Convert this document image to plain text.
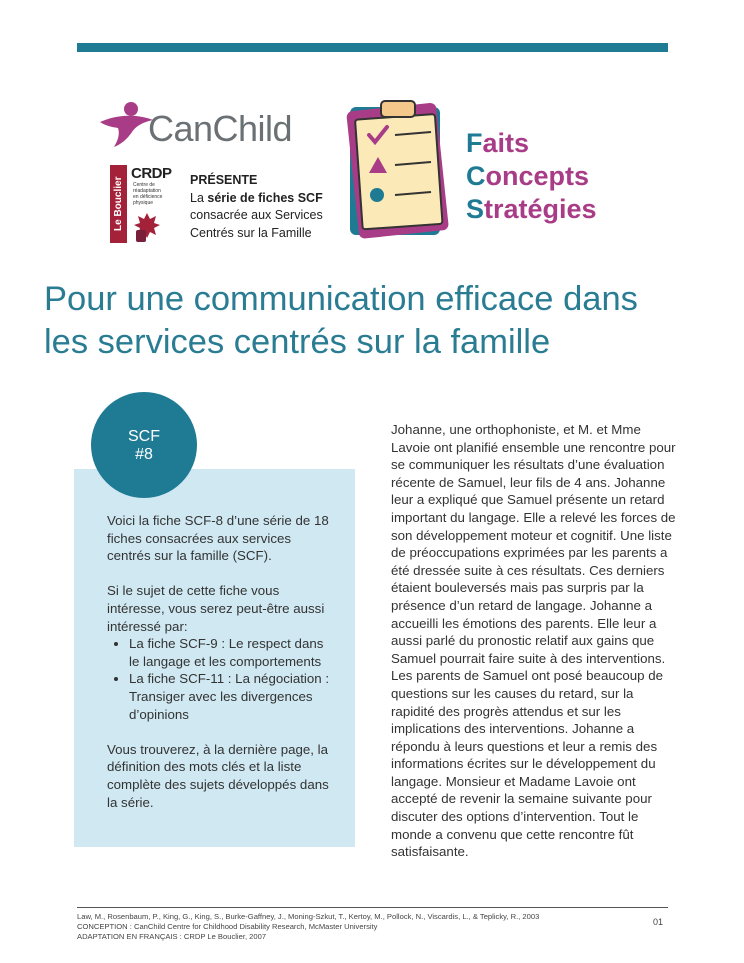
CanChild
Le Bouclier
CRDP
Centre de réadaptation en déficience physique
PRÉSENTE
La série de fiches SCF
consacrée aux Services
Centrés sur la Famille
Faits
Concepts
Stratégies
Pour une communication efficace dans
les services centrés sur la famille
SCF
#8

Voici la fiche SCF-8 d’une série de 18 fiches consacrées aux services centrés sur la famille (SCF).

Si le sujet de cette fiche vous intéresse, vous serez peut-être aussi intéressé par:

• La fiche SCF-9 : Le respect dans le langage et les comportements
• La fiche SCF-11 : La négociation : Transiger avec les divergences d’opinions

Vous trouverez, à la dernière page, la définition des mots clés et la liste complète des sujets développés dans la série.

Johanne, une orthophoniste, et M. et Mme Lavoie ont planifié ensemble une rencontre pour se communiquer les résultats d’une évaluation récente de Samuel, leur fils de 4 ans. Johanne leur a expliqué que Samuel présente un retard important du langage. Elle a relevé les forces de son développement moteur et cognitif. Une liste de préoccupations exprimées par les parents a été dressée suite à ces résultats. Ces derniers étaient bouleversés mais pas surpris par la présence d’un retard de langage. Johanne a accueilli les émotions des parents. Elle leur a aussi parlé du pronostic relatif aux gains que Samuel pourrait faire suite à des interventions. Les parents de Samuel ont posé beaucoup de questions sur les causes du retard, sur la rapidité des progrès attendus et sur les implications des interventions. Johanne a répondu à leurs questions et leur a remis des informations écrites sur le développement du langage. Monsieur et Madame Lavoie ont accepté de revenir la semaine suivante pour discuter des options d’intervention. Tout le monde a convenu que cette rencontre fût satisfaisante.
Law, M., Rosenbaum, P., King, G., King, S., Burke-Gaffney, J., Moning-Szkut, T., Kertoy, M., Pollock, N., Viscardis, L., & Teplicky, R., 2003
CONCEPTION : CanChild Centre for Childhood Disability Research, McMaster University
ADAPTATION EN FRANÇAIS : CRDP Le Bouclier, 2007
01
